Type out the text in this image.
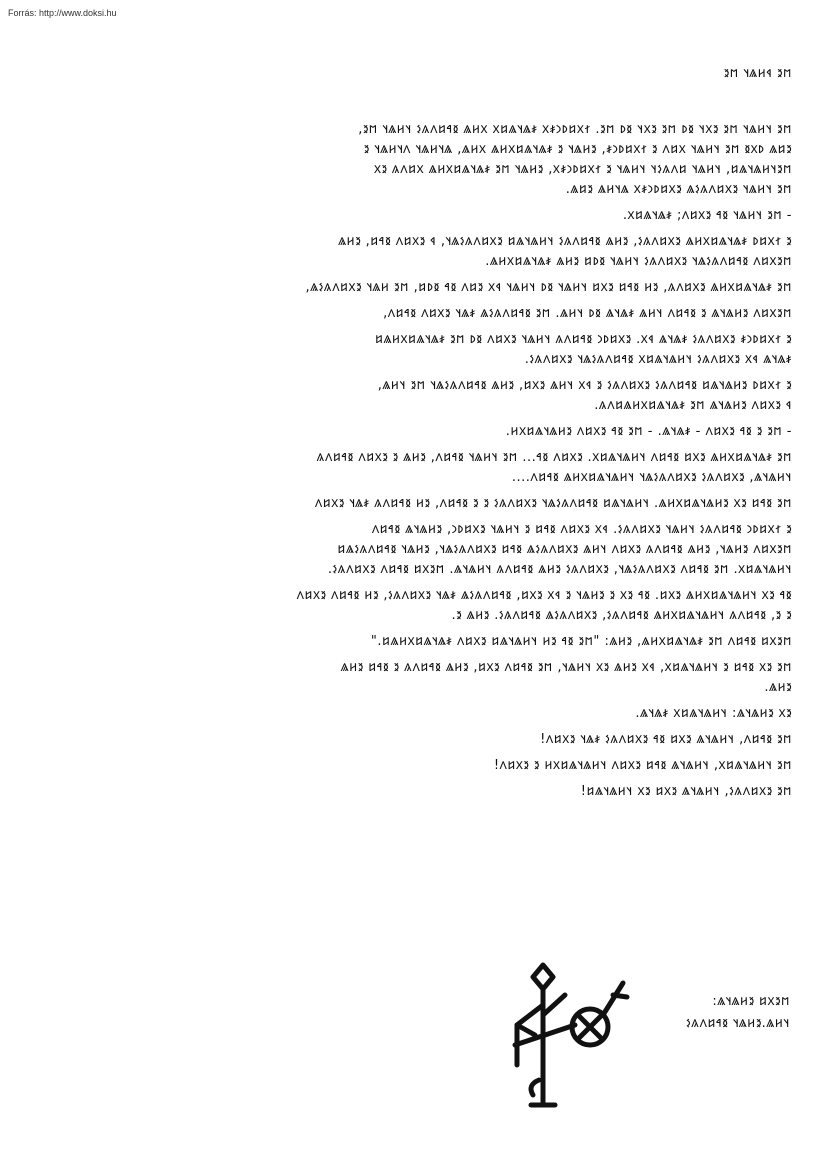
Forrás: http://www.doksi.hu
𐳮𐳉 𐳁𐳢𐳖𐳦 𐳮𐳉
𐳮𐳉 𐳦𐳢𐳖𐳦 𐳮𐳉 𐳉𐳂𐳦 𐳊𐳚 𐳮𐳉 𐳉𐳂𐳦 𐳊𐳚 𐳮𐳉. 𐳐𐳂𐳆𐳚𐳙𐳎𐳂 𐳎𐳖𐳦𐳖𐳆𐳂 𐳂𐳢𐳖 𐳊𐳀𐳆𐳤𐳍𐳋 𐳦𐳢𐳖𐳦 𐳮𐳉,
𐳉𐳆𐳖 𐳚𐳂𐳊 𐳮𐳉 𐳦𐳢𐳖𐳦 𐳂𐳆𐳤 𐳉 𐳐𐳂𐳆𐳚𐳙𐳎, 𐳉𐳢𐳖𐳦 𐳉 𐳎𐳖𐳦𐳖𐳆𐳂𐳢𐳖 𐳂𐳢𐳖, 𐳖𐳦𐳢𐳖𐳦 𐳤𐳦𐳢𐳖𐳦 𐳉
𐳮𐳉𐳦𐳢𐳖𐳦𐳖𐳆, 𐳦𐳢𐳖𐳦 𐳆𐳤𐳍𐳋𐳦 𐳦𐳢𐳖𐳦 𐳉 𐳐𐳂𐳆𐳚𐳙𐳎𐳂, 𐳉𐳢𐳖𐳦 𐳮𐳉 𐳎𐳖𐳦𐳖𐳆𐳂𐳢𐳖 𐳂𐳆𐳤𐳍 𐳉𐳂
𐳮𐳉 𐳦𐳢𐳖𐳦 𐳉𐳂𐳆𐳤𐳍𐳋𐳖 𐳉𐳂𐳆𐳚𐳙𐳎𐳂 𐳖𐳦𐳢𐳖 𐳉𐳆𐳖.
- 𐳮𐳉 𐳦𐳢𐳖𐳦 𐳊𐳀 𐳉𐳂𐳆𐳤; 𐳎𐳖𐳦𐳖𐳆𐳂.
𐳉 𐳐𐳂𐳆𐳚 𐳎𐳖𐳦𐳖𐳆𐳂𐳢𐳖 𐳉𐳂𐳆𐳤𐳍𐳋, 𐳉𐳢𐳖 𐳊𐳀𐳆𐳤𐳍𐳋 𐳦𐳢𐳖𐳦𐳖𐳆 𐳉𐳂𐳆𐳤𐳍𐳋𐳖𐳦, 𐳁 𐳉𐳂𐳆𐳤 𐳊𐳀𐳆, 𐳉𐳢𐳖
𐳮𐳉𐳂𐳆𐳤 𐳊𐳀𐳆𐳤𐳍𐳋𐳖𐳦 𐳉𐳂𐳆𐳤𐳍𐳋 𐳦𐳢𐳖𐳦 𐳊𐳚𐳆 𐳉𐳢𐳖 𐳎𐳖𐳦𐳖𐳆𐳂𐳢𐳖.
𐳮𐳉 𐳎𐳖𐳦𐳖𐳆𐳂𐳢𐳖 𐳉𐳂𐳆𐳤𐳍, 𐳉𐳢 𐳊𐳀𐳆 𐳉𐳂𐳆 𐳦𐳢𐳖𐳦 𐳊𐳚 𐳦𐳢𐳖𐳦 𐳁𐳂 𐳉𐳆𐳤 𐳊𐳀 𐳊𐳚𐳆, 𐳮𐳉 𐳢𐳖𐳦 𐳉𐳂𐳆𐳤𐳍𐳋𐳖,
𐳮𐳉𐳂𐳆𐳤 𐳉𐳢𐳖𐳦𐳖 𐳉 𐳊𐳀𐳆𐳤 𐳦𐳢𐳖 𐳎𐳖𐳦𐳖 𐳊𐳚 𐳦𐳢𐳖. 𐳮𐳉 𐳊𐳀𐳆𐳤𐳍𐳋𐳖 𐳎𐳖𐳦 𐳉𐳂𐳆𐳤 𐳊𐳀𐳆𐳤,
𐳉 𐳐𐳂𐳆𐳚𐳙𐳎 𐳉𐳂𐳆𐳤𐳍𐳋 𐳎𐳖𐳦𐳖 𐳁𐳂. 𐳉𐳂𐳆𐳚𐳙 𐳊𐳀𐳆𐳤𐳍 𐳦𐳢𐳖𐳦 𐳉𐳂𐳆𐳤 𐳊𐳚 𐳮𐳉 𐳎𐳖𐳦𐳖𐳆𐳂𐳢𐳖𐳆
𐳎𐳖𐳦𐳖 𐳁𐳂 𐳉𐳂𐳆𐳤𐳍𐳋 𐳦𐳢𐳖𐳦𐳖𐳆𐳂 𐳊𐳀𐳆𐳤𐳍𐳋𐳖𐳦 𐳉𐳂𐳆𐳤𐳍𐳋.
𐳉 𐳐𐳂𐳆𐳚 𐳉𐳢𐳖𐳦𐳖𐳆 𐳊𐳀𐳆𐳤𐳍𐳋 𐳉𐳂𐳆𐳤𐳍𐳋 𐳉 𐳁𐳂 𐳦𐳢𐳖 𐳉𐳂𐳆, 𐳉𐳢𐳖 𐳊𐳀𐳆𐳤𐳍𐳋𐳖𐳦 𐳮𐳉 𐳦𐳢𐳖,
𐳁 𐳉𐳂𐳆𐳤 𐳉𐳢𐳖𐳦𐳖 𐳮𐳉 𐳎𐳖𐳦𐳖𐳆𐳂𐳢𐳖𐳆𐳤𐳍.
- 𐳮𐳉 𐳉 𐳊𐳀 𐳉𐳂𐳆𐳤 - 𐳎𐳖𐳦𐳖. - 𐳮𐳉 𐳊𐳀 𐳉𐳂𐳆𐳤 𐳉𐳢𐳖𐳦𐳖𐳆𐳂𐳢.
𐳮𐳉 𐳎𐳖𐳦𐳖𐳆𐳂𐳢𐳖 𐳉𐳂𐳆 𐳊𐳀𐳆𐳤 𐳦𐳢𐳖𐳦𐳖𐳆𐳂. 𐳉𐳂𐳆𐳤 𐳊𐳀... 𐳮𐳉 𐳦𐳢𐳖𐳦 𐳊𐳀𐳆𐳤, 𐳉𐳢𐳖 𐳉 𐳉𐳂𐳆𐳤 𐳊𐳀𐳆𐳤𐳍
𐳦𐳢𐳖𐳦𐳖, 𐳉𐳂𐳆𐳤𐳍𐳋 𐳉𐳂𐳆𐳤𐳍𐳋𐳖𐳦 𐳦𐳢𐳖𐳦𐳖𐳆𐳂𐳢𐳖 𐳊𐳀𐳆𐳤....
𐳮𐳉 𐳊𐳀𐳆 𐳉𐳂 𐳉𐳢𐳖𐳦𐳖𐳆𐳂𐳢𐳖. 𐳦𐳢𐳖𐳦𐳖𐳆 𐳊𐳀𐳆𐳤𐳍𐳋𐳖𐳦 𐳉𐳂𐳆𐳤𐳍𐳋 𐳉 𐳉 𐳊𐳀𐳆𐳤, 𐳉𐳢 𐳊𐳀𐳆𐳤𐳍 𐳎𐳖𐳦 𐳉𐳂𐳆𐳤
𐳉 𐳐𐳂𐳆𐳚𐳙 𐳊𐳀𐳆𐳤𐳍𐳋 𐳦𐳢𐳖𐳦 𐳉𐳂𐳆𐳤𐳍𐳋. 𐳁𐳂 𐳉𐳂𐳆𐳤 𐳊𐳀𐳆 𐳉 𐳦𐳢𐳖𐳦 𐳉𐳂𐳆𐳚𐳙, 𐳉𐳢𐳖𐳦𐳖 𐳊𐳀𐳆𐳤
𐳮𐳉𐳂𐳆𐳤 𐳉𐳢𐳖𐳦, 𐳉𐳢𐳖 𐳊𐳀𐳆𐳤𐳍 𐳉𐳂𐳆𐳤 𐳦𐳢𐳖 𐳉𐳂𐳆𐳤𐳍𐳋𐳖 𐳊𐳀𐳆 𐳉𐳂𐳆𐳤𐳍𐳋𐳖𐳦, 𐳉𐳢𐳖𐳦 𐳊𐳀𐳆𐳤𐳍𐳋𐳖𐳆
𐳦𐳢𐳖𐳦𐳖𐳆𐳂. 𐳮𐳉 𐳊𐳀𐳆𐳤 𐳉𐳂𐳆𐳤𐳍𐳋𐳖𐳦, 𐳉𐳂𐳆𐳤𐳍𐳋 𐳉𐳢𐳖 𐳊𐳀𐳆𐳤𐳍 𐳦𐳢𐳖𐳦𐳖. 𐳮𐳉𐳂𐳆 𐳊𐳀𐳆𐳤 𐳉𐳂𐳆𐳤𐳍𐳋.
𐳊𐳀 𐳉𐳂 𐳦𐳢𐳖𐳦𐳖𐳆𐳂𐳢𐳖 𐳉𐳂𐳆. 𐳊𐳀 𐳉𐳂 𐳉 𐳉𐳢𐳖𐳦 𐳉 𐳁𐳂 𐳉𐳂𐳆, 𐳊𐳀𐳆𐳤𐳍𐳋𐳖 𐳎𐳖𐳦 𐳉𐳂𐳆𐳤𐳍𐳋, 𐳉𐳢 𐳊𐳀𐳆𐳤 𐳉𐳂𐳆𐳤
𐳉 𐳉, 𐳊𐳀𐳆𐳤𐳍 𐳦𐳢𐳖𐳦𐳖𐳆𐳂𐳢𐳖 𐳊𐳀𐳆𐳤𐳍𐳋, 𐳉𐳂𐳆𐳤𐳍𐳋𐳖 𐳊𐳀𐳆𐳤𐳍𐳋. 𐳉𐳢𐳖 𐳉.
𐳮𐳉𐳂𐳆 𐳊𐳀𐳆𐳤 𐳮𐳉 𐳎𐳖𐳦𐳖𐳆𐳂𐳢𐳖, 𐳉𐳢𐳖: "𐳮𐳉 𐳊𐳀 𐳉𐳢 𐳦𐳢𐳖𐳦𐳖𐳆 𐳉𐳂𐳆𐳤 𐳎𐳖𐳦𐳖𐳆𐳂𐳢𐳖𐳆."
𐳮𐳉 𐳉𐳂 𐳊𐳀𐳆 𐳉 𐳦𐳢𐳖𐳦𐳖𐳆𐳂, 𐳁𐳂 𐳉𐳢𐳖 𐳉𐳂 𐳦𐳢𐳖𐳦, 𐳮𐳉 𐳊𐳀𐳆𐳤 𐳉𐳂𐳆, 𐳉𐳢𐳖 𐳊𐳀𐳆𐳤𐳍 𐳉 𐳊𐳀𐳆 𐳉𐳢𐳖
𐳉𐳢𐳖.
𐳉𐳂 𐳉𐳢𐳖𐳦𐳖: 𐳦𐳢𐳖𐳦𐳖𐳆𐳂 𐳎𐳖𐳦𐳖.
𐳮𐳉 𐳊𐳀𐳆𐳤, 𐳦𐳢𐳖𐳦𐳖 𐳉𐳂𐳆 𐳊𐳀 𐳉𐳂𐳆𐳤𐳍𐳋 𐳎𐳖𐳦 𐳉𐳂𐳆𐳤!
𐳮𐳉 𐳦𐳢𐳖𐳦𐳖𐳆𐳂, 𐳦𐳢𐳖𐳦𐳖 𐳊𐳀𐳆 𐳉𐳂𐳆𐳤 𐳦𐳢𐳖𐳦𐳖𐳆𐳂𐳢 𐳉 𐳉𐳂𐳆𐳤!
𐳮𐳉 𐳉𐳂𐳆𐳤𐳍𐳋, 𐳦𐳢𐳖𐳦𐳖 𐳉𐳂𐳆 𐳉𐳂 𐳦𐳢𐳖𐳦𐳖𐳆!
𐳮𐳉𐳂𐳆 𐳉𐳢𐳖𐳦𐳖:
𐳦𐳢𐳖.𐳉𐳢𐳖𐳦 𐳊𐳀𐳆𐳤𐳍𐳋
